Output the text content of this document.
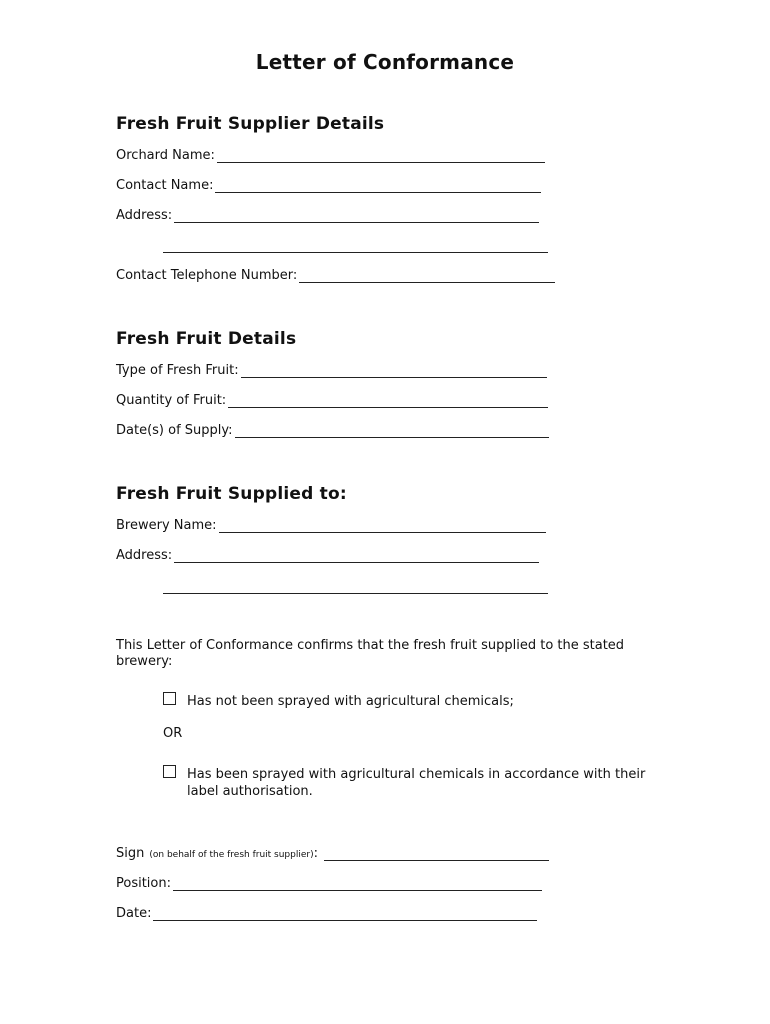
Letter of Conformance
Fresh Fruit Supplier Details
Orchard Name:
Contact Name:
Address:
Contact Telephone Number:
Fresh Fruit Details
Type of Fresh Fruit:
Quantity of Fruit:
Date(s) of Supply:
Fresh Fruit Supplied to:
Brewery Name:
Address:
This Letter of Conformance confirms that the fresh fruit supplied to the stated brewery:
Has not been sprayed with agricultural chemicals;
OR
Has been sprayed with agricultural chemicals in accordance with their label authorisation.
Sign (on behalf of the fresh fruit supplier) :
Position:
Date:
